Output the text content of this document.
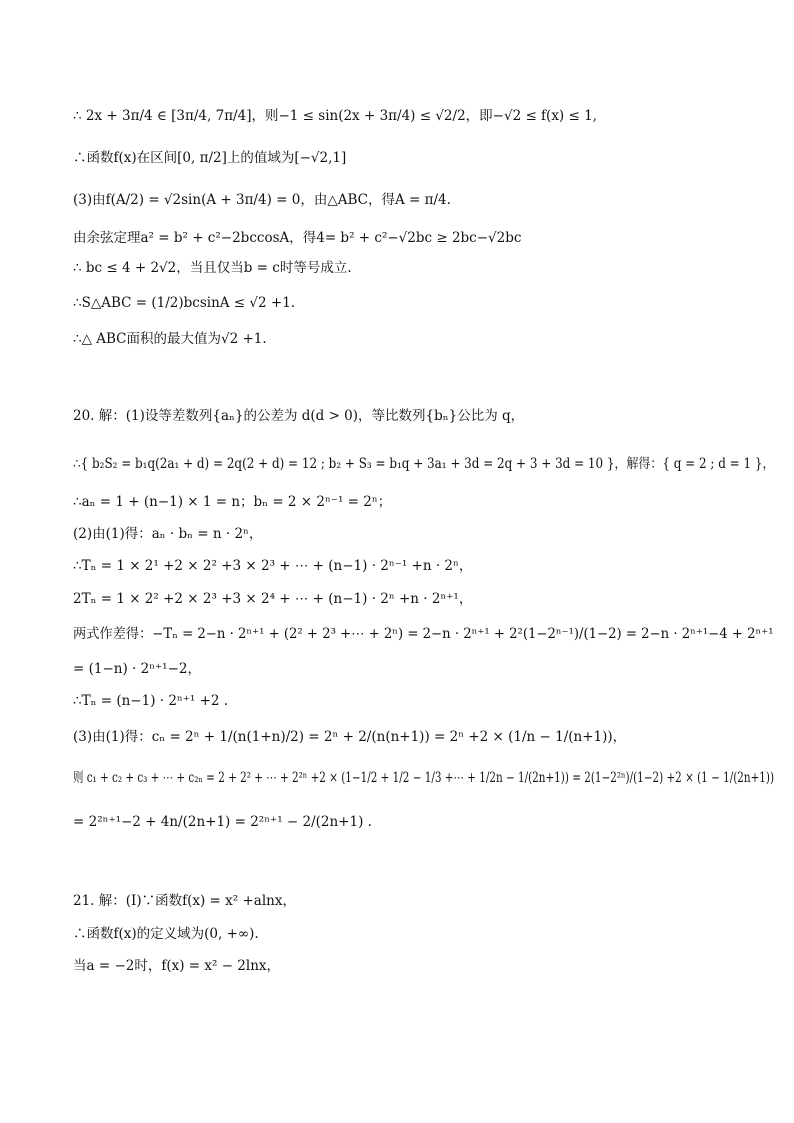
∴ 2x + 3π/4 ∈ [3π/4, 7π/4]，则−1 ≤ sin(2x + 3π/4) ≤ √2/2，即−√2 ≤ f(x) ≤ 1,
∴函数f(x)在区间[0, π/2]上的值域为[−√2,1]
(3)由f(A/2) = √2sin(A + 3π/4) = 0，由△ABC，得A = π/4.
由余弦定理a² = b² + c²−2bccosA，得4= b² + c²−√2bc ≥ 2bc−√2bc
∴ bc ≤ 4 + 2√2，当且仅当b = c时等号成立.
∴S△ABC = (1/2)bcsinA ≤ √2 +1.
∴△ ABC面积的最大值为√2 +1.
20. 解：(1)设等差数列{aₙ}的公差为 d(d > 0)，等比数列{bₙ}公比为 q，
∴{ b₂S₂ = b₁q(2a₁ + d) = 2q(2 + d) = 12 ; b₂ + S₃ = b₁q + 3a₁ + 3d = 2q + 3 + 3d = 10 }，解得：{ q = 2 ; d = 1 }，
∴aₙ = 1 + (n−1) × 1 = n；bₙ = 2 × 2ⁿ⁻¹ = 2ⁿ；
(2)由(1)得：aₙ · bₙ = n · 2ⁿ，
∴Tₙ = 1 × 2¹ +2 × 2² +3 × 2³ + ⋯ + (n−1) · 2ⁿ⁻¹ +n · 2ⁿ，
2Tₙ = 1 × 2² +2 × 2³ +3 × 2⁴ + ⋯ + (n−1) · 2ⁿ +n · 2ⁿ⁺¹，
两式作差得：−Tₙ = 2−n · 2ⁿ⁺¹ + (2² + 2³ +⋯ + 2ⁿ) = 2−n · 2ⁿ⁺¹ + 2²(1−2ⁿ⁻¹)/(1−2) = 2−n · 2ⁿ⁺¹−4 + 2ⁿ⁺¹
= (1−n) · 2ⁿ⁺¹−2，
∴Tₙ = (n−1) · 2ⁿ⁺¹ +2 .
(3)由(1)得：cₙ = 2ⁿ + 1/(n(1+n)/2) = 2ⁿ + 2/(n(n+1)) = 2ⁿ +2 × (1/n − 1/(n+1))，
则 c₁ + c₂ + c₃ + ⋯ + c₂ₙ = 2 + 2² + ⋯ + 2²ⁿ +2 × (1−1/2 + 1/2 − 1/3 +⋯ + 1/2n − 1/(2n+1)) = 2(1−2²ⁿ)/(1−2) +2 × (1 − 1/(2n+1))
= 2²ⁿ⁺¹−2 + 4n/(2n+1) = 2²ⁿ⁺¹ − 2/(2n+1) .
21. 解：(Ⅰ)∵函数f(x) = x² +alnx，
∴函数f(x)的定义域为(0, +∞).
当a = −2时，f(x) = x² − 2lnx，
